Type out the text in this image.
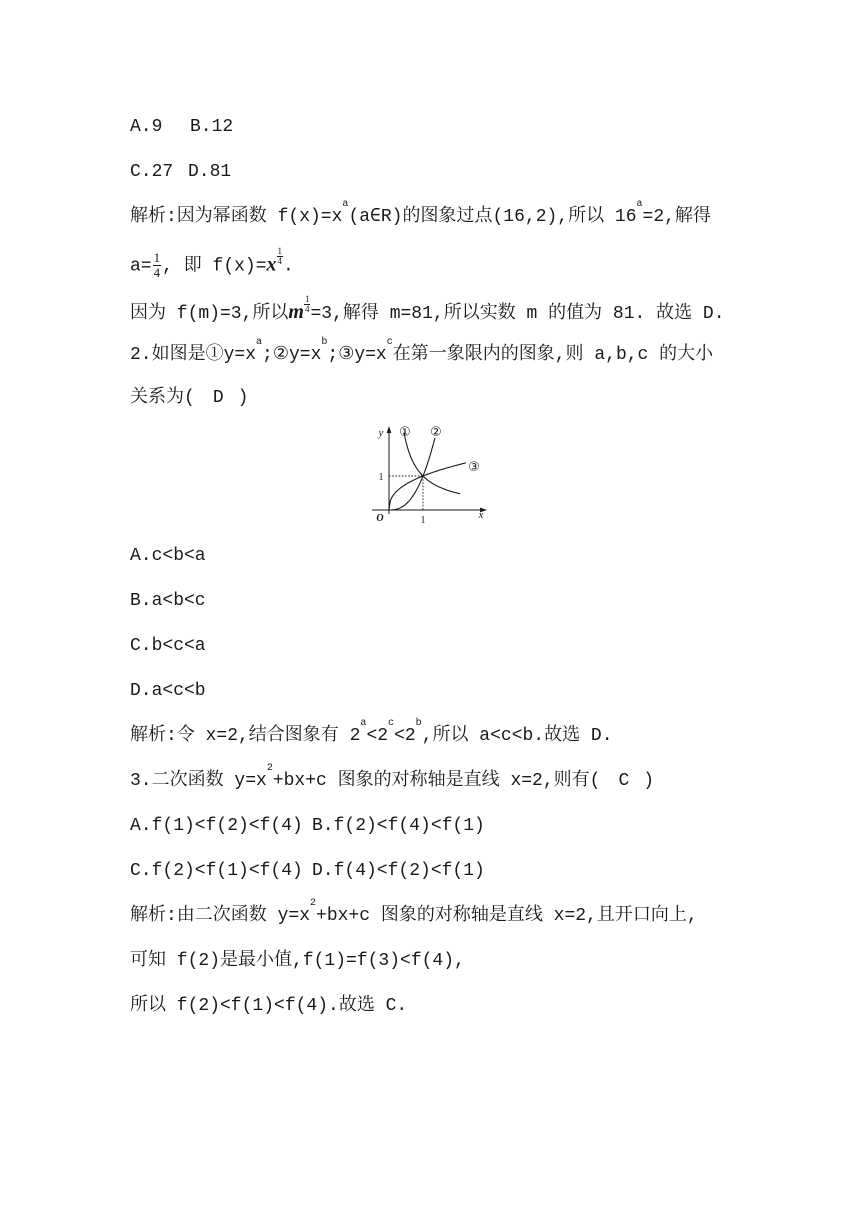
A.9 B.12
C.27 D.81
解析:因为幂函数 $f(x)=x^a(a\in R)$的图象过点(16,2),所以 $16^a=2$,解得
$a= \frac{1}{4}$ , 即 $f(x)=x \frac{1}{4}$ .
因为 f(m)=3,所以m $\frac{1}{4} =3$,解得 m=81,所以实数 m 的值为 81. 故选 D.
2.如图是$①y=x^a;②y=x^b;③y=x^c$在第一象限内的图象,则 a,b,c 的大小
关系为( D )
y
x
O
1
1
① ②
③
A.c<b<a
B.a<b<c
C.b<c<a
D.a<c<b
解析:令 x=2,结合图象有 $2^a<2^c<2^b$,所以 a<c<b.故选 D.
3.二次函数 $y=x^2+bx+c$ 图象的对称轴是直线 x=2,则有( C )
A.f(1)<f(2)<f(4) B.f(2)<f(4)<f(1)
C.f(2)<f(1)<f(4) D.f(4)<f(2)<f(1)
解析:由二次函数 $y=x^2+bx+c$ 图象的对称轴是直线 x=2,且开口向上,
可知 f(2)是最小值,f(1)=f(3)<f(4),
所以 f(2)<f(1)<f(4).故选 C.
